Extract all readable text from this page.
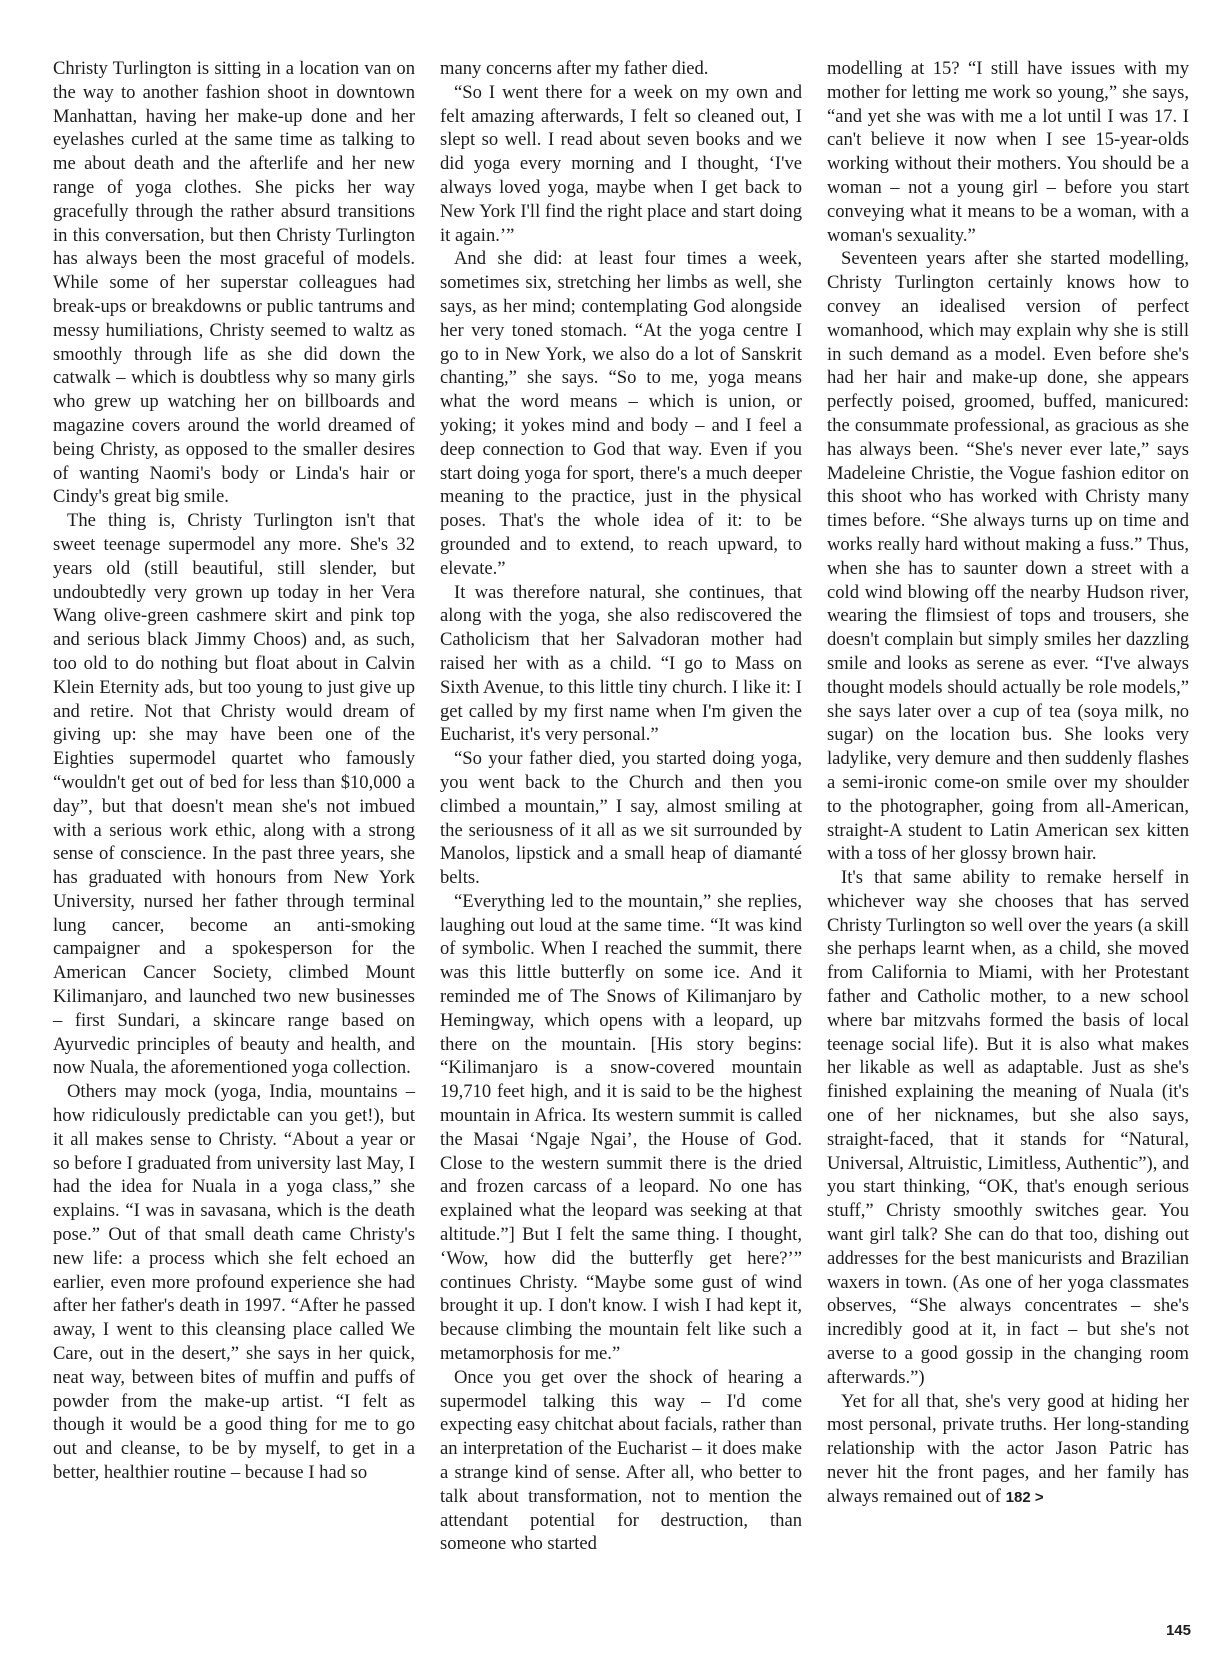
Christy Turlington is sitting in a location van on the way to another fashion shoot in downtown Manhattan, having her make-up done and her eyelashes curled at the same time as talking to me about death and the afterlife and her new range of yoga clothes. She picks her way gracefully through the rather absurd transitions in this conversation, but then Christy Turlington has always been the most graceful of models. While some of her superstar colleagues had break-ups or breakdowns or public tantrums and messy humiliations, Christy seemed to waltz as smoothly through life as she did down the catwalk – which is doubtless why so many girls who grew up watching her on billboards and magazine covers around the world dreamed of being Christy, as opposed to the smaller desires of wanting Naomi's body or Linda's hair or Cindy's great big smile.

The thing is, Christy Turlington isn't that sweet teenage supermodel any more. She's 32 years old (still beautiful, still slender, but undoubtedly very grown up today in her Vera Wang olive-green cashmere skirt and pink top and serious black Jimmy Choos) and, as such, too old to do nothing but float about in Calvin Klein Eternity ads, but too young to just give up and retire. Not that Christy would dream of giving up: she may have been one of the Eighties supermodel quartet who famously “wouldn't get out of bed for less than $10,000 a day”, but that doesn't mean she's not imbued with a serious work ethic, along with a strong sense of conscience. In the past three years, she has graduated with honours from New York University, nursed her father through terminal lung cancer, become an anti-smoking campaigner and a spokesperson for the American Cancer Society, climbed Mount Kilimanjaro, and launched two new businesses – first Sundari, a skincare range based on Ayurvedic principles of beauty and health, and now Nuala, the aforementioned yoga collection.

Others may mock (yoga, India, mountains – how ridiculously predictable can you get!), but it all makes sense to Christy. “About a year or so before I graduated from university last May, I had the idea for Nuala in a yoga class,” she explains. “I was in savasana, which is the death pose.” Out of that small death came Christy's new life: a process which she felt echoed an earlier, even more profound experience she had after her father's death in 1997. “After he passed away, I went to this cleansing place called We Care, out in the desert,” she says in her quick, neat way, between bites of muffin and puffs of powder from the make-up artist. “I felt as though it would be a good thing for me to go out and cleanse, to be by myself, to get in a better, healthier routine – because I had so

many concerns after my father died.

“So I went there for a week on my own and felt amazing afterwards, I felt so cleaned out, I slept so well. I read about seven books and we did yoga every morning and I thought, ‘I've always loved yoga, maybe when I get back to New York I'll find the right place and start doing it again.’”

And she did: at least four times a week, sometimes six, stretching her limbs as well, she says, as her mind; contemplating God alongside her very toned stomach. “At the yoga centre I go to in New York, we also do a lot of Sanskrit chanting,” she says. “So to me, yoga means what the word means – which is union, or yoking; it yokes mind and body – and I feel a deep connection to God that way. Even if you start doing yoga for sport, there's a much deeper meaning to the practice, just in the physical poses. That's the whole idea of it: to be grounded and to extend, to reach upward, to elevate.”

It was therefore natural, she continues, that along with the yoga, she also rediscovered the Catholicism that her Salvadoran mother had raised her with as a child. “I go to Mass on Sixth Avenue, to this little tiny church. I like it: I get called by my first name when I'm given the Eucharist, it's very personal.”

“So your father died, you started doing yoga, you went back to the Church and then you climbed a mountain,” I say, almost smiling at the seriousness of it all as we sit surrounded by Manolos, lipstick and a small heap of diamanté belts.

“Everything led to the mountain,” she replies, laughing out loud at the same time. “It was kind of symbolic. When I reached the summit, there was this little butterfly on some ice. And it reminded me of The Snows of Kilimanjaro by Hemingway, which opens with a leopard, up there on the mountain. [His story begins: “Kilimanjaro is a snow-covered mountain 19,710 feet high, and it is said to be the highest mountain in Africa. Its western summit is called the Masai ‘Ngaje Ngai’, the House of God. Close to the western summit there is the dried and frozen carcass of a leopard. No one has explained what the leopard was seeking at that altitude.”] But I felt the same thing. I thought, ‘Wow, how did the butterfly get here?’” continues Christy. “Maybe some gust of wind brought it up. I don't know. I wish I had kept it, because climbing the mountain felt like such a metamorphosis for me.”

Once you get over the shock of hearing a supermodel talking this way – I'd come expecting easy chitchat about facials, rather than an interpretation of the Eucharist – it does make a strange kind of sense. After all, who better to talk about transformation, not to mention the attendant potential for destruction, than someone who started

modelling at 15? “I still have issues with my mother for letting me work so young,” she says, “and yet she was with me a lot until I was 17. I can't believe it now when I see 15-year-olds working without their mothers. You should be a woman – not a young girl – before you start conveying what it means to be a woman, with a woman's sexuality.”

Seventeen years after she started modelling, Christy Turlington certainly knows how to convey an idealised version of perfect womanhood, which may explain why she is still in such demand as a model. Even before she's had her hair and make-up done, she appears perfectly poised, groomed, buffed, manicured: the consummate professional, as gracious as she has always been. “She's never ever late,” says Madeleine Christie, the Vogue fashion editor on this shoot who has worked with Christy many times before. “She always turns up on time and works really hard without making a fuss.” Thus, when she has to saunter down a street with a cold wind blowing off the nearby Hudson river, wearing the flimsiest of tops and trousers, she doesn't complain but simply smiles her dazzling smile and looks as serene as ever. “I've always thought models should actually be role models,” she says later over a cup of tea (soya milk, no sugar) on the location bus. She looks very ladylike, very demure and then suddenly flashes a semi-ironic come-on smile over my shoulder to the photographer, going from all-American, straight-A student to Latin American sex kitten with a toss of her glossy brown hair.

It's that same ability to remake herself in whichever way she chooses that has served Christy Turlington so well over the years (a skill she perhaps learnt when, as a child, she moved from California to Miami, with her Protestant father and Catholic mother, to a new school where bar mitzvahs formed the basis of local teenage social life). But it is also what makes her likable as well as adaptable. Just as she's finished explaining the meaning of Nuala (it's one of her nicknames, but she also says, straight-faced, that it stands for “Natural, Universal, Altruistic, Limitless, Authentic”), and you start thinking, “OK, that's enough serious stuff,” Christy smoothly switches gear. You want girl talk? She can do that too, dishing out addresses for the best manicurists and Brazilian waxers in town. (As one of her yoga classmates observes, “She always concentrates – she's incredibly good at it, in fact – but she's not averse to a good gossip in the changing room afterwards.”)

Yet for all that, she's very good at hiding her most personal, private truths. Her long-standing relationship with the actor Jason Patric has never hit the front pages, and her family has always remained out of 182 >

145
